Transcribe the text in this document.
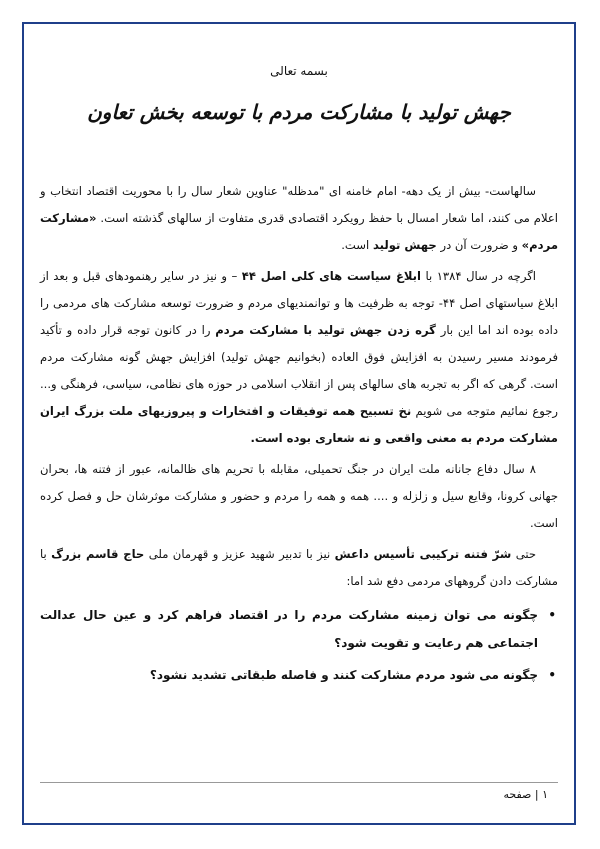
بسمه تعالی
جهش تولید با مشارکت مردم با توسعه بخش تعاون

سالهاست- بیش از یک دهه- امام خامنه ای "مدظله" عناوین شعار سال را با محوریت اقتصاد انتخاب و اعلام می کنند، اما شعار امسال با حفظ رویکرد اقتصادی قدری متفاوت از سالهای گذشته است. «مشارکت مردم» و ضرورت آن در جهش تولید است.

اگرچه در سال ۱۳۸۴ با ابلاغ سیاست های کلی اصل ۴۴ – و نیز در سایر رهنمودهای قبل و بعد از ابلاغ سیاستهای اصل ۴۴- توجه به ظرفیت ها و توانمندیهای مردم و ضرورت توسعه مشارکت های مردمی را داده بوده اند اما این بار گره زدن جهش تولید با مشارکت مردم را در کانون توجه قرار داده و تأکید فرمودند مسیر رسیدن به افزایش فوق العاده (بخوانیم جهش تولید) افزایش جهش گونه مشارکت مردم است. گرهی که اگر به تجربه های سالهای پس از انقلاب اسلامی در حوزه های نظامی، سیاسی، فرهنگی و... رجوع نمائیم متوجه می شویم نخ تسبیح همه توفیقات و افتخارات و پیروزیهای ملت بزرگ ایران مشارکت مردم به معنی واقعی و نه شعاری بوده است.

۸ سال دفاع جانانه ملت ایران در جنگ تحمیلی، مقابله با تحریم های ظالمانه، عبور از فتنه ها، بحران جهانی کرونا، وقایع سیل و زلزله و .... همه و همه را مردم و حضور و مشارکت موثرشان حل و فصل کرده است.

حتی شرّ فتنه ترکیبی تأسیس داعش نیز با تدبیر شهید عزیز و قهرمان ملی حاج قاسم بزرگ با مشارکت دادن گروههای مردمی دفع شد اما:

•
چگونه می توان زمینه مشارکت مردم را در اقتصاد فراهم کرد و عین حال عدالت اجتماعی هم رعایت و تقویت شود؟
•
چگونه می شود مردم مشارکت کنند و فاصله طبقاتی تشدید نشود؟
۱ | صفحه
